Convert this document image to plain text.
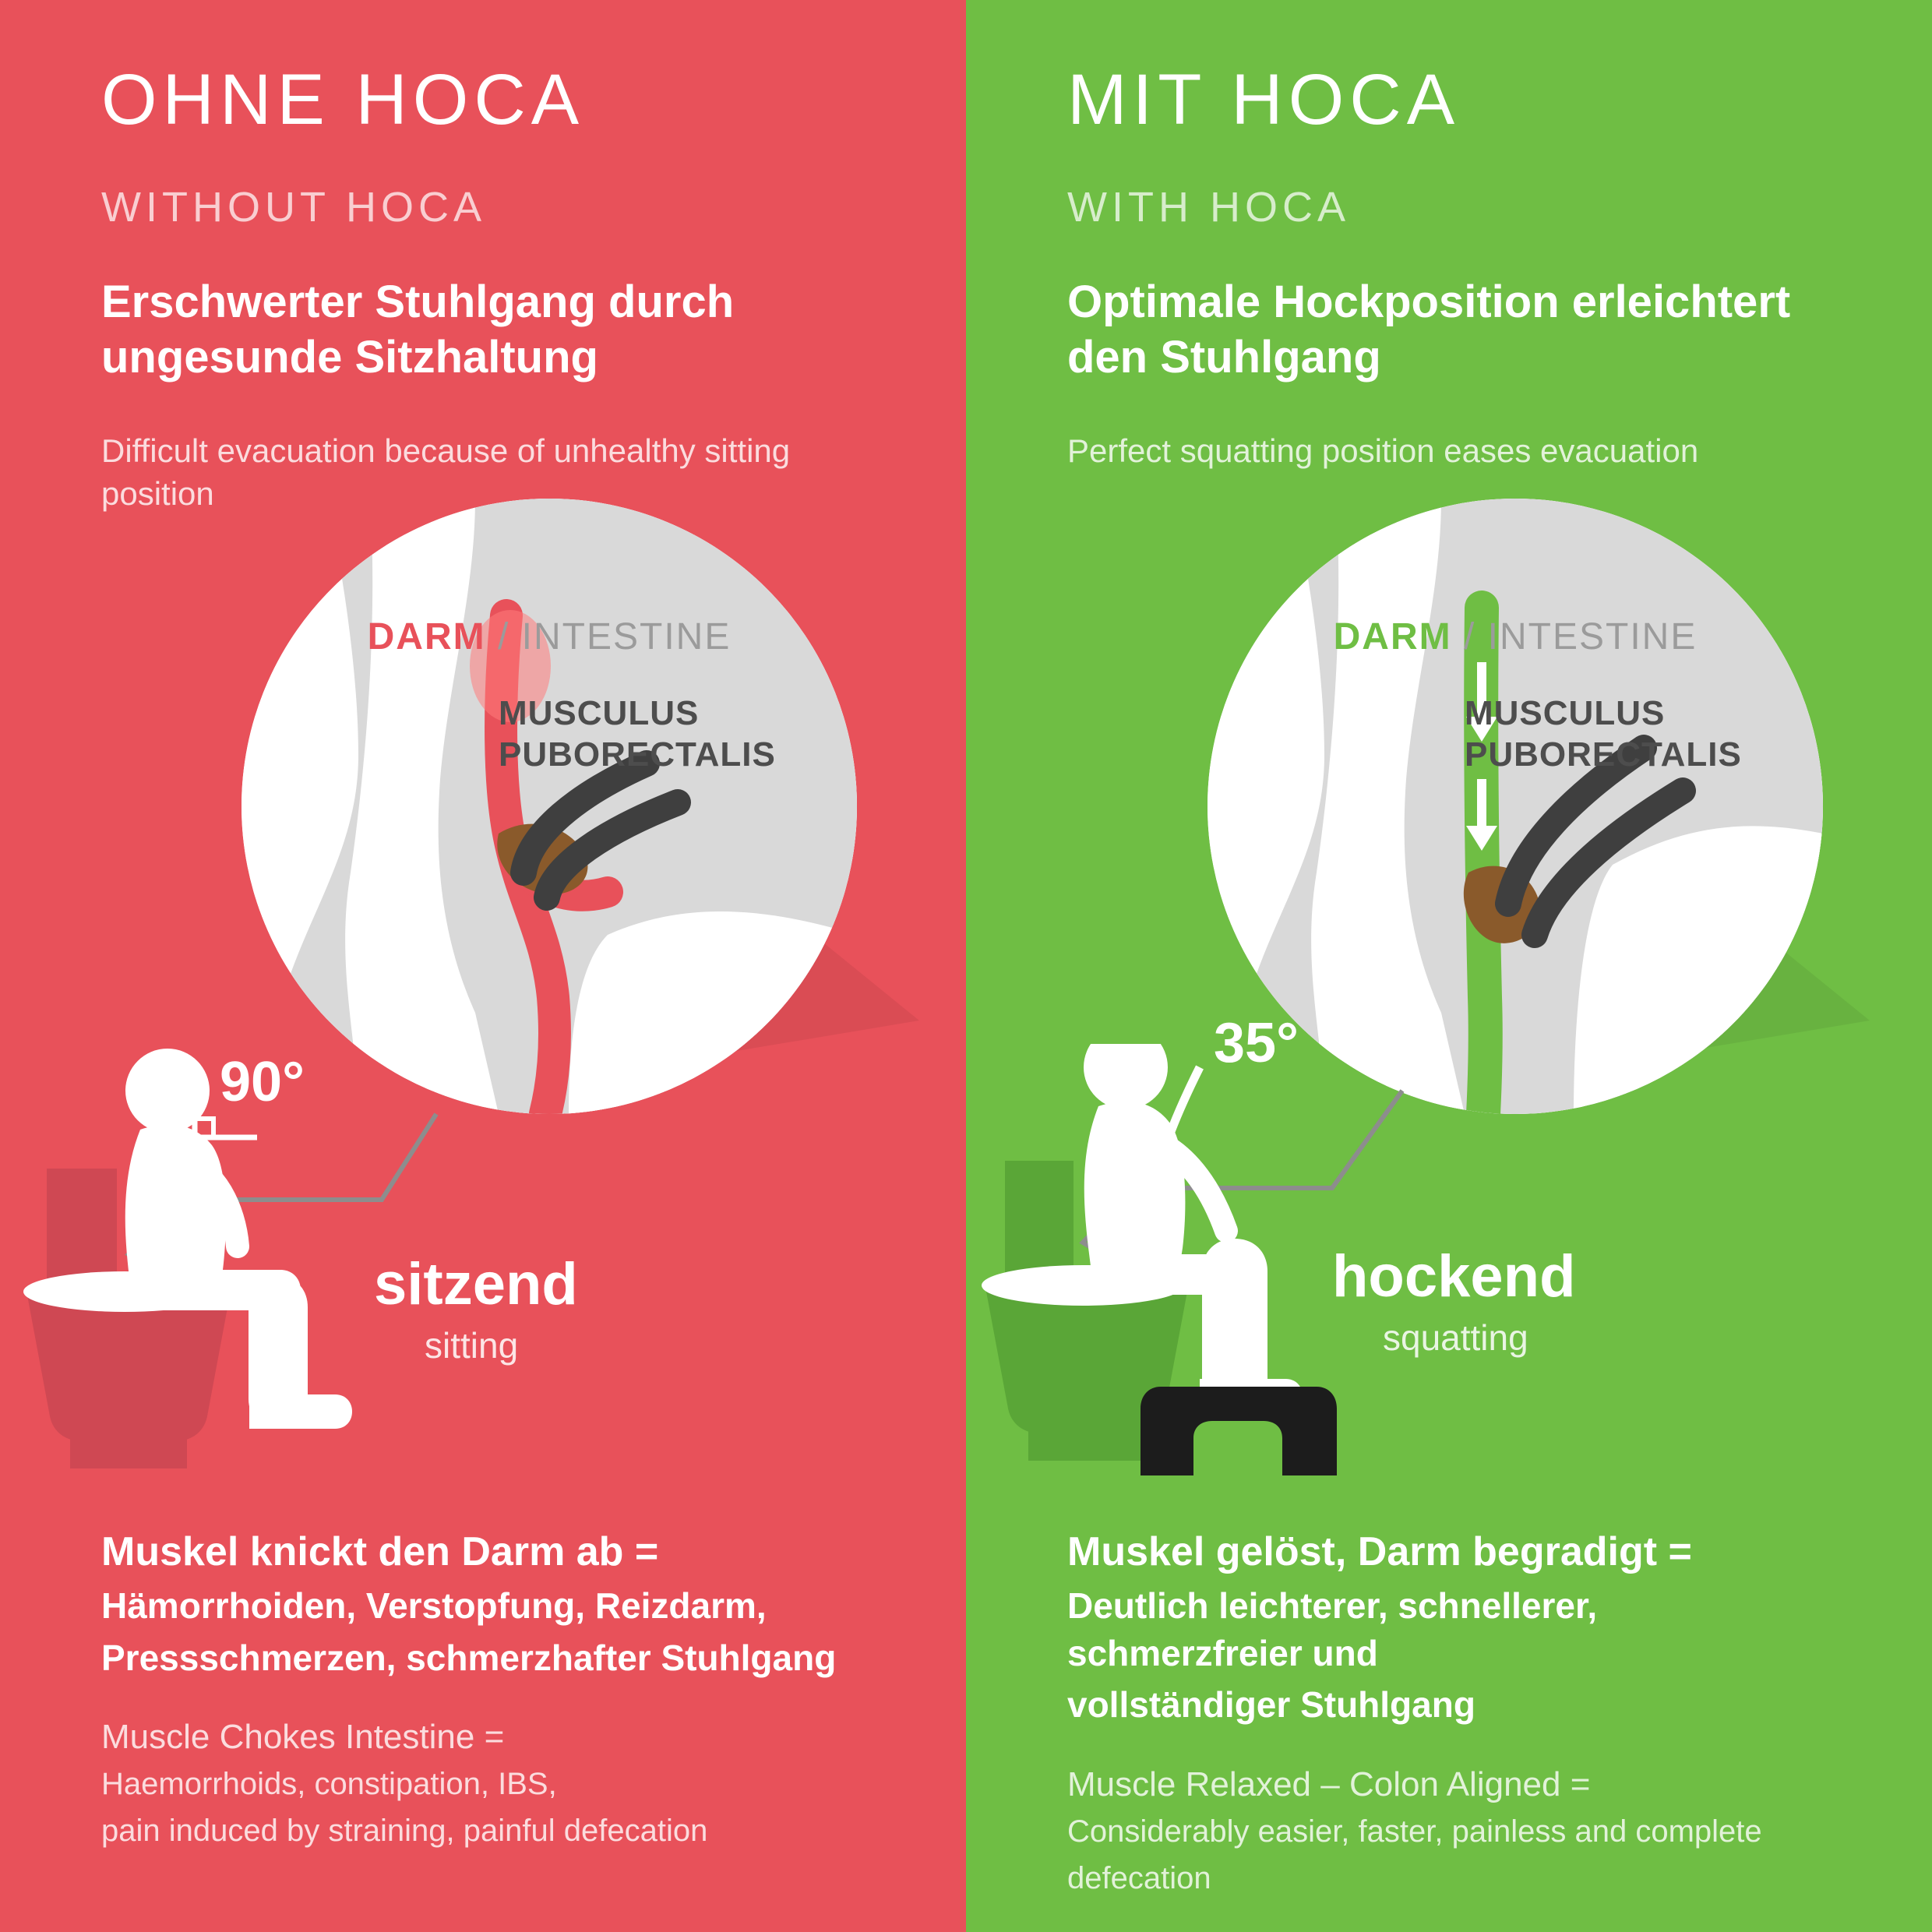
OHNE HOCA
WITHOUT HOCA

Erschwerter Stuhlgang durch ungesunde Sitzhaltung

Difficult evacuation because of unhealthy sitting position

DARM / INTESTINE
MUSCULUS
PUBORECTALIS
90°
sitzend
sitting
Muskel knickt den Darm ab =
Hämorrhoiden, Verstopfung, Reizdarm,
Pressschmerzen, schmerzhafter Stuhlgang
Muscle Chokes Intestine =
Haemorrhoids, constipation, IBS,
pain induced by straining, painful defecation
MIT HOCA
WITH HOCA

Optimale Hockposition erleichtert den Stuhlgang

Perfect squatting position eases evacuation

DARM / INTESTINE
MUSCULUS
PUBORECTALIS
35°
hockend
squatting
Muskel gelöst, Darm begradigt =
Deutlich leichterer, schnellerer, schmerzfreier und
vollständiger Stuhlgang
Muscle Relaxed – Colon Aligned =
Considerably easier, faster, painless and complete
defecation
